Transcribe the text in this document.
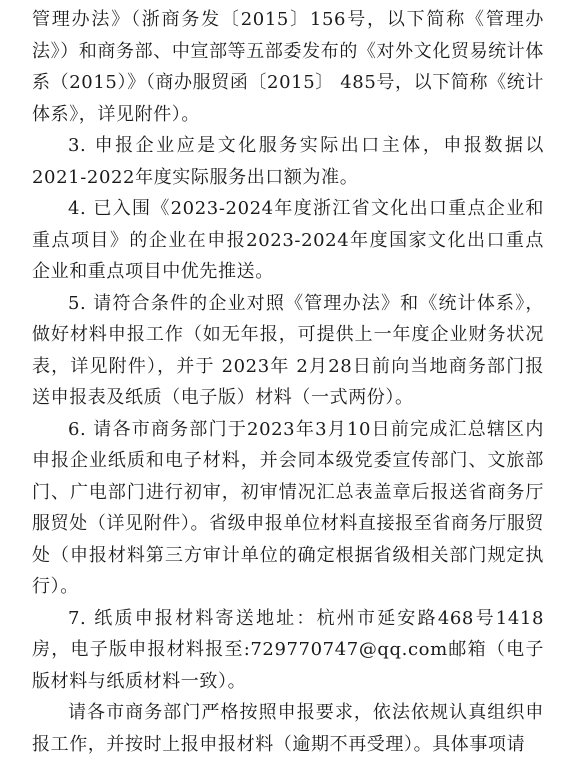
管理办法》（浙商务发〔2015〕156号，以下简称《管理办法》）和商务部、中宣部等五部委发布的《对外文化贸易统计体系（2015）》（商办服贸函〔2015〕 485号，以下简称《统计体系》，详见附件）。

3. 申报企业应是文化服务实际出口主体，申报数据以2021-2022年度实际服务出口额为准。

4. 已入围《2023-2024年度浙江省文化出口重点企业和重点项目》的企业在申报2023-2024年度国家文化出口重点企业和重点项目中优先推送。

5. 请符合条件的企业对照《管理办法》和《统计体系》，做好材料申报工作（如无年报，可提供上一年度企业财务状况表，详见附件），并于 2023年 2月28日前向当地商务部门报送申报表及纸质（电子版）材料（一式两份）。

6. 请各市商务部门于2023年3月10日前完成汇总辖区内申报企业纸质和电子材料，并会同本级党委宣传部门、文旅部门、广电部门进行初审，初审情况汇总表盖章后报送省商务厅服贸处（详见附件）。省级申报单位材料直接报至省商务厅服贸处（申报材料第三方审计单位的确定根据省级相关部门规定执行）。

7. 纸质申报材料寄送地址：杭州市延安路468号1418房，电子版申报材料报至:729770747@qq.com邮箱（电子版材料与纸质材料一致）。

请各市商务部门严格按照申报要求，依法依规认真组织申报工作，并按时上报申报材料（逾期不再受理）。具体事项请
